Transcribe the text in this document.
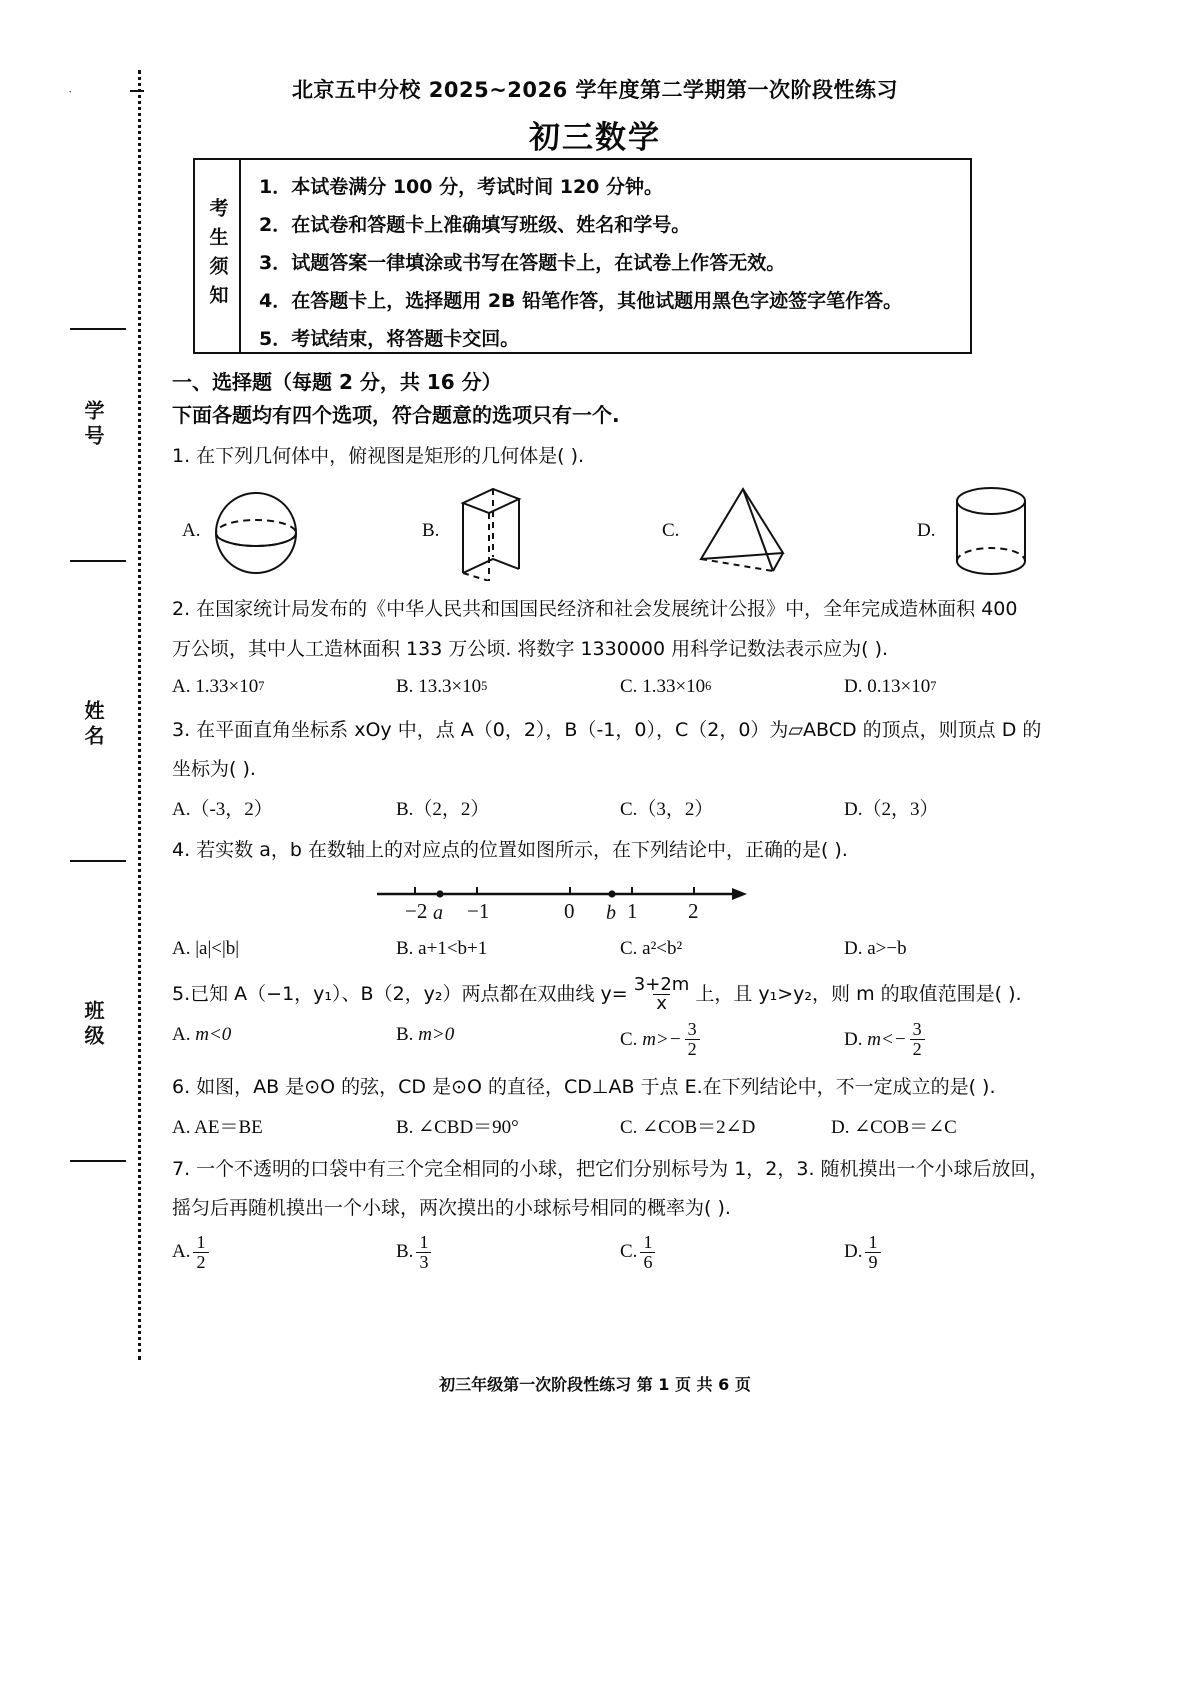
·
学号
姓名
班级
北京五中分校 2025~2026 学年度第二学期第一次阶段性练习
初三数学
考生须知
1．本试卷满分 100 分，考试时间 120 分钟。
2．在试卷和答题卡上准确填写班级、姓名和学号。
3．试题答案一律填涂或书写在答题卡上，在试卷上作答无效。
4．在答题卡上，选择题用 2B 铅笔作答，其他试题用黑色字迹签字笔作答。
5．考试结束，将答题卡交回。
一、选择题（每题 2 分，共 16 分）
下面各题均有四个选项，符合题意的选项只有一个.
1. 在下列几何体中，俯视图是矩形的几何体是( ).
A.	B.	C.	D.
2. 在国家统计局发布的《中华人民共和国国民经济和社会发展统计公报》中，全年完成造林面积 400
万公顷，其中人工造林面积 133 万公顷. 将数字 1330000 用科学记数法表示应为( ).
A.
1.33×10 7	B.
13.3×10 5	C.
1.33×10 6	D.
0.13×10 7
3. 在平面直角坐标系 xOy 中，点 A（0，2），B（-1，0），C（2，0）为▱ABCD 的顶点，则顶点 D 的
坐标为( ).
A.（-3，2）	B.（2，2）	C.（3，2）	D.（2，3）
4. 若实数 a，b 在数轴上的对应点的位置如图所示，在下列结论中，正确的是( ).
−2 a −1	0 b 1 2
A. |a|<|b|	B. a+1<b+1	C. a²<b²	D. a>−b
5.已知 A（−1，y₁）、B（2，y₂）两点都在双曲线 $y= \frac{3+2m}{x}$ 上，且 y₁>y₂，则 m 的取值范围是( ).
A.
m<0	B.
m>0	C.
$m>- \frac{3}{2}$	D.
$m<- \frac{3}{2}$
6. 如图，AB 是⊙O 的弦，CD 是⊙O 的直径，CD⊥AB 于点 E.在下列结论中，不一定成立的是( ).
A. AE＝BE	B. ∠CBD＝90°	C. ∠COB＝2∠D	D. ∠COB＝∠C
7. 一个不透明的口袋中有三个完全相同的小球，把它们分别标号为 1，2，3. 随机摸出一个小球后放回，
摇匀后再随机摸出一个小球，两次摸出的小球标号相同的概率为( ).
A. $\frac{1}{2}$	B. $\frac{1}{3}$	C. $\frac{1}{6}$	D. $\frac{1}{9}$
初三年级第一次阶段性练习 第 1 页 共 6 页
